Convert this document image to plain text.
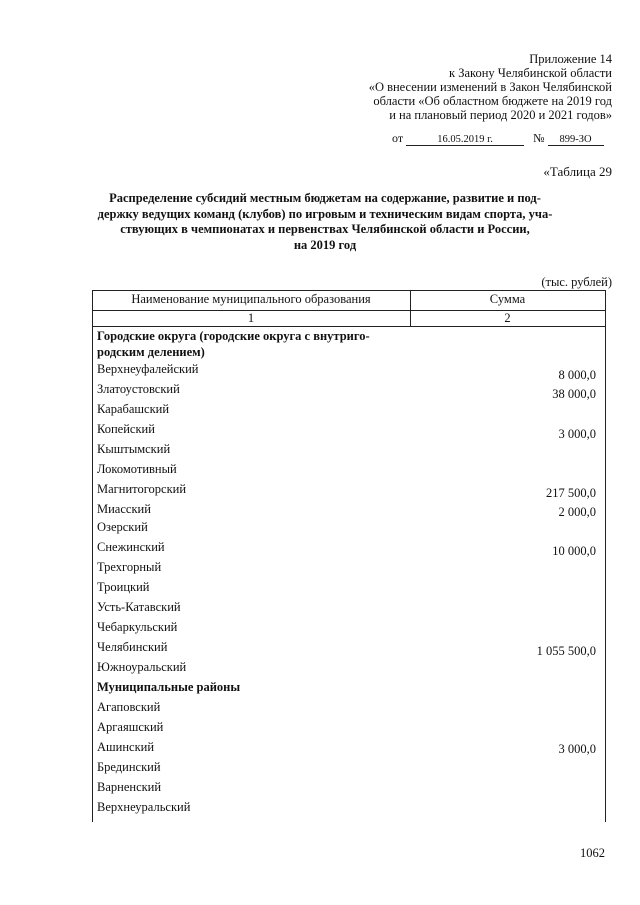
Приложение 14
к Закону Челябинской области
«О внесении изменений в Закон Челябинской
области «Об областном бюджете на 2019 год
и на плановый период 2020 и 2021 годов»
от	16.05.2019 г.	№ 899-ЗО
«Таблица 29
Распределение субсидий местным бюджетам на содержание, развитие и под-
держку ведущих команд (клубов) по игровым и техническим видам спорта, уча-
ствующих в чемпионатах и первенствах Челябинской области и России,
на 2019 год
(тыс. рублей)
Наименование муниципального образования	Сумма
1	2
Городские округа (городские округа с внутриго-
родским делением)
Верхнеуфалейский	8 000,0
Златоустовский	38 000,0
Карабашский
Копейский	3 000,0
Кыштымский
Локомотивный
Магнитогорский	217 500,0
Миасский	2 000,0
Озерский
Снежинский	10 000,0
Трехгорный
Троицкий
Усть-Катавский
Чебаркульский
Челябинский	1 055 500,0
Южноуральский
Муниципальные районы
Агаповский
Аргаяшский
Ашинский	3 000,0
Брединский
Варненский
Верхнеуральский
1062
